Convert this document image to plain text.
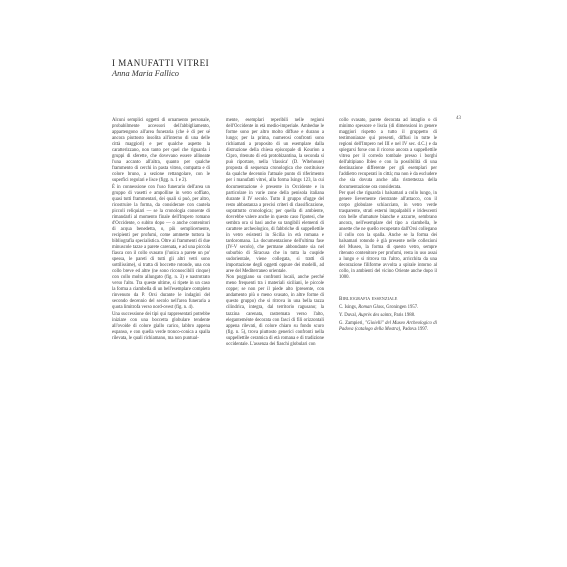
I MANUFATTI VITREI
Anna Maria Fallico
43

Alcuni semplici oggetti di ornamento personale, probabilmente accessori dell'abbigliamento, appartengono all'area funeraria (che è di per sé ancora piuttosto insolita all'interno di una delle città maggiori) e per qualche aspetto la caratterizzano, non tanto per quel che riguarda i gruppi di sferette, che dovevano essere allineate l'una accanto all'altra, quanto per qualche frammento di cerchi in pasta vitrea, compatta e di colore bruno, a sezione rettangolare, con le superfici regolari e lisce (figg. n. 1 e 2).

È in connessione con l'uso funerario dell'area un gruppo di vasetti e ampolline in vetro soffiato, quasi tutti frammentari, dei quali si può, per altro, ricostruire la forma, da considerare con cautela piccoli reliquiari — se la cronologia consente di rimandarli al momento finale dell'Impero romano d'Occidente, o subito dopo — o anche contenitori di acqua benedetta, o, più semplicemente, recipienti per profumi, come ammette tuttora la bibliografia specialistica. Oltre ai frammenti di due minuscole tazze a parete carenata, e ad una piccola fiasca con il collo svasato (l'unica a parete un po' spessa, le pareti di tutti gli altri vetri sono sottilissime), si tratta di boccette rotonde, una con collo breve ed altre (ne sono riconoscibili cinque) con collo molto allungato (fig. n. 3) e nastrotrato verso l'alto. Tra queste ultime, si ripete in un caso la forma a ciambella di un bell'esemplare completo rinvenuto da P. Orsi durante le indagini del secondo decennio del secolo nell'area funeraria a quota limitrofa verso nord-ovest (fig. n. 4).

Una successione dei tipi qui rappresentati potrebbe iniziare con una boccetta globulare tendente all'ovoide di colore giallo carico, labbro appena espanso, e con quella verde tronco-conica a spalla rilevata, le quali richiamano, ma non puntual-

mente, esemplari reperibili nelle regioni dell'Occidente in età medio-imperiale. Ambedue le forme sono per altro molto diffuse e durano a lungo; per la prima, numerosi confronti sono richiamati a proposito di un esemplare dalla distruzione della chiesa episcopale di Kourion a Cipro, ritenuto di età protobizantina, la seconda si può riportare, nella 'classica' (D. Witehouse) proposta di sequenza cronologica che costituisce da qualche decennio l'attuale punto di riferimento per i manufatti vitrei, alla forma Isings 123, la cui documentazione è presente in Occidente e in particolare in varie zone della penisola italiana durante il IV secolo. Tutto il gruppo sfugge del resto abbastanza a precisi criteri di classificazione, soprattutto cronologica; per quella di ambiente, dovrebbe valere anche in questo caso l'ipotesi, che sembra ora si basi anche su tangibili elementi di carattere archeologico, di fabbriche di suppellettile in vetro esistenti in Sicilia in età romana e tardoromana. La documentazione dell'ultima fase (IV-V secolo), che permane abbondante sia nel suburbio di Siracusa che in tutta la cuspide sudorientale, viene collegata, si tratti di importazione degli oggetti oppure dei modelli, ad aree del Mediterraneo orientale.

Non poggiano su confronti locali, anche perché meno frequenti tra i materiali siciliani, le piccole coppe; se non per il piede alto (presente, con andamento più o meno svasato, in altre forme di questo gruppo) che si ritrova in una bella tazza cilindrica, integra, dal territorio ragusano; la tazzina carenata, rastremata verso l'alto, eleganteménte decorata con fasci di fili orizzontali appena rilevati, di colore chiaro su fondo scuro (fig. n. 5), trova piuttosto generici confronti nella suppellettile ceramica di età romana e di tradizione occidentale. L'assenza dei fiaschi globulari con

collo svasato, parete decorata ad intaglio o di minimo spessore e liscia (di dimensioni in genere maggiori rispetto a tutto il gruppetto di testimonianze qui presenti, diffusi in tutte le regioni dell'Impero nel III e nel IV sec. d.C.) e da spiegarsi forse con il ricorso ancora a suppellettile vitrea per il corredo tombale presso i borghi dell'altipiano Ibleo e con la possibilità di una destinazione differente per gli esemplari per l'addietro recuperati in città; ma non è da escludere che sia dovuta anche alla ristrettezza della documentazione ora considerata.

Per quel che riguarda i balsamari a collo lungo, in genere lievemente rientrante all'attacco, con il corpo globulare schiacciato, in vetro verde trasparente, strati esterni impalpabili e iridescenti con belle sfumature bianche e azzurre, sembrano ancora, nell'esemplare del tipo a ciambella, le ansette che ne quello recuperato dall'Orsi collegano il collo con la spalla. Anche se la forma dei balsamari rotondo è già presente nelle collezioni del Museo, la forma di questo vetro, sempre ritenuto contenitore per profumi, resta in uso assai a lungo e si ritrova tra l'altro, arricchita da una decorazione filiforme avvolta a spirale intorno al collo, in ambienti del vicino Oriente anche dopo il 1000.

Bibliografia essenziale

C. Isings, Roman Glass, Groningen 1957.

Y. Duval, Auprès des saints, Paris 1988.

G. Zampieri, "Gioielli" del Museo Archeologico di Padova (catalogo della Mostra), Padova 1997.
